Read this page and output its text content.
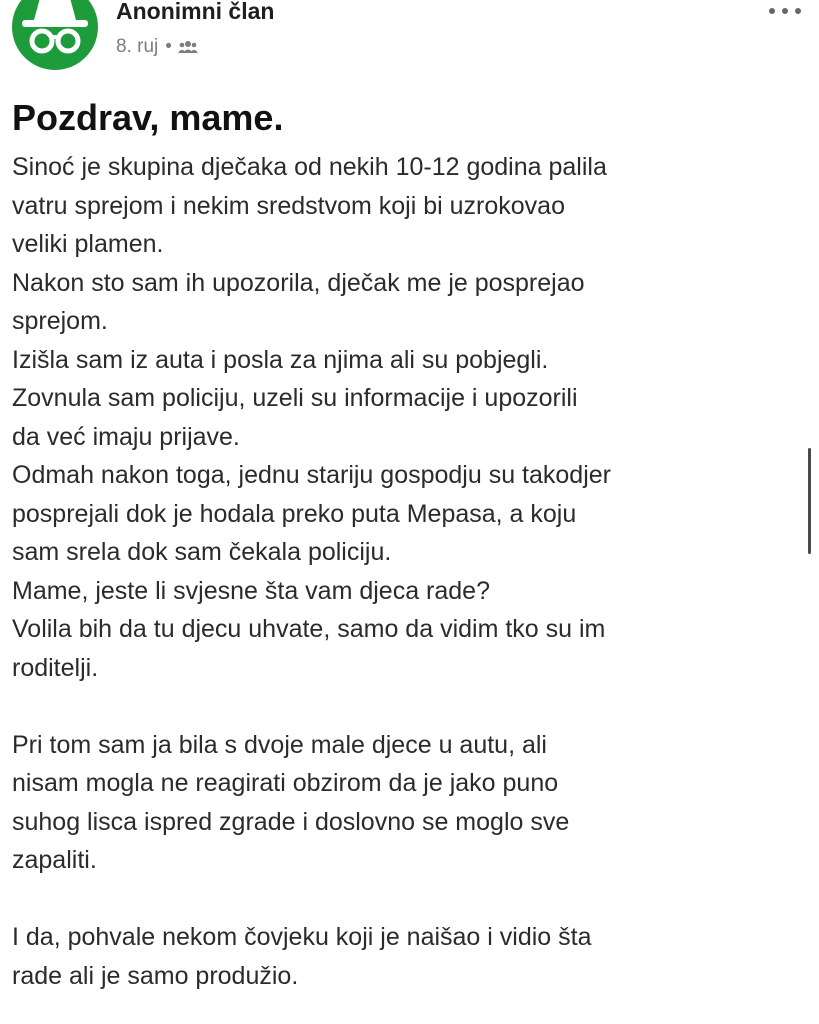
Anonimni član
8. ruj •
Pozdrav, mame.
Sinoć je skupina dječaka od nekih 10-12 godina palila
vatru sprejom i nekim sredstvom koji bi uzrokovao
veliki plamen.
Nakon sto sam ih upozorila, dječak me je posprejao
sprejom.
Izišla sam iz auta i posla za njima ali su pobjegli.
Zovnula sam policiju, uzeli su informacije i upozorili
da već imaju prijave.
Odmah nakon toga, jednu stariju gospodju su takodjer
posprejali dok je hodala preko puta Mepasa, a koju
sam srela dok sam čekala policiju.
Mame, jeste li svjesne šta vam djeca rade?
Volila bih da tu djecu uhvate, samo da vidim tko su im
roditelji.
Pri tom sam ja bila s dvoje male djece u autu, ali
nisam mogla ne reagirati obzirom da je jako puno
suhog lisca ispred zgrade i doslovno se moglo sve
zapaliti.
I da, pohvale nekom čovjeku koji je naišao i vidio šta
rade ali je samo produžio.
